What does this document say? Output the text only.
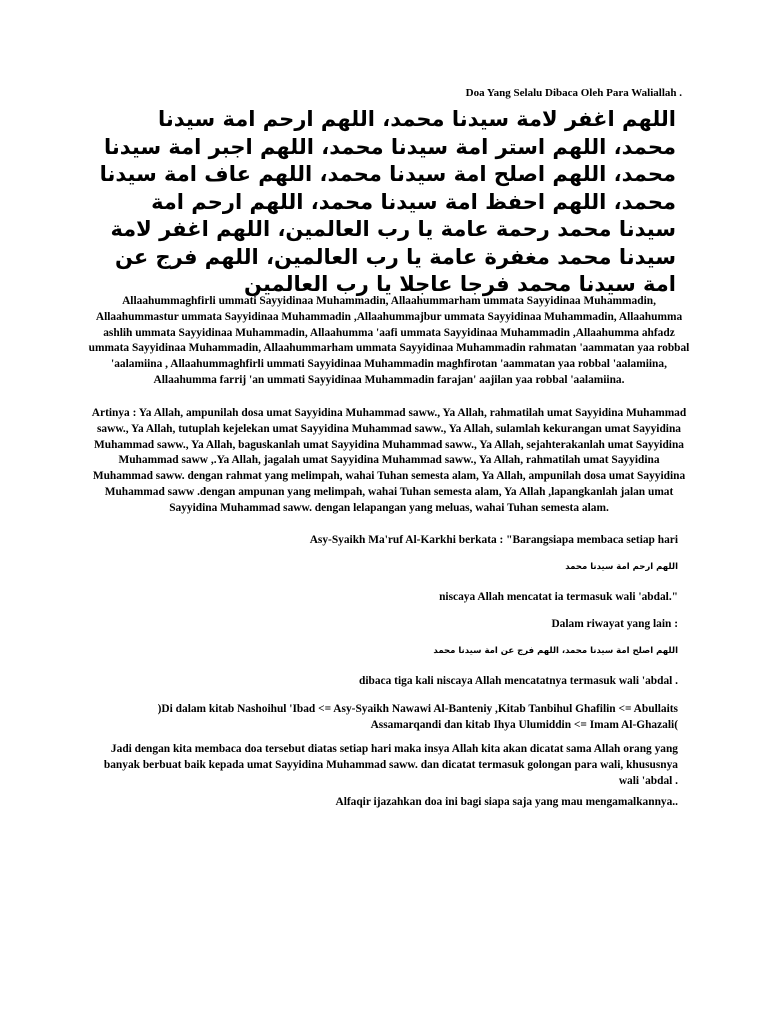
Doa Yang Selalu Dibaca Oleh Para Waliallah .
اللهم اغفر لامة سيدنا محمد، اللهم ارحم امة سيدنا محمد، اللهم استر امة سيدنا محمد، اللهم اجبر امة سيدنا محمد، اللهم اصلح امة سيدنا محمد، اللهم عاف امة سيدنا محمد، اللهم احفظ امة سيدنا محمد، اللهم ارحم امة سيدنا محمد رحمة عامة يا رب العالمين، اللهم اغفر لامة سيدنا محمد مغفرة عامة يا رب العالمين، اللهم فرج عن امة سيدنا محمد فرجا عاجلا يا رب العالمين
Allaahummaghfirli ummati Sayyidinaa Muhammadin, Allaahummarham ummata Sayyidinaa Muhammadin, Allaahummastur ummata Sayyidinaa Muhammadin ,Allaahummajbur ummata Sayyidinaa Muhammadin, Allaahumma ashlih ummata Sayyidinaa Muhammadin, Allaahumma 'aafi ummata Sayyidinaa Muhammadin ,Allaahumma ahfadz ummata Sayyidinaa Muhammadin, Allaahummarham ummata Sayyidinaa Muhammadin rahmatan 'aammatan yaa robbal 'aalamiina , Allaahummaghfirli ummati Sayyidinaa Muhammadin maghfirotan 'aammatan yaa robbal 'aalamiina, Allaahumma farrij 'an ummati Sayyidinaa Muhammadin farajan' aajilan yaa robbal 'aalamiina.
Artinya : Ya Allah, ampunilah dosa umat Sayyidina Muhammad saww., Ya Allah, rahmatilah umat Sayyidina Muhammad saww., Ya Allah, tutuplah kejelekan umat Sayyidina Muhammad saww., Ya Allah, sulamlah kekurangan umat Sayyidina Muhammad saww., Ya Allah, baguskanlah umat Sayyidina Muhammad saww., Ya Allah, sejahterakanlah umat Sayyidina Muhammad saww ,.Ya Allah, jagalah umat Sayyidina Muhammad saww., Ya Allah, rahmatilah umat Sayyidina Muhammad saww. dengan rahmat yang melimpah, wahai Tuhan semesta alam, Ya Allah, ampunilah dosa umat Sayyidina Muhammad saww .dengan ampunan yang melimpah, wahai Tuhan semesta alam, Ya Allah ,lapangkanlah jalan umat Sayyidina Muhammad saww. dengan lelapangan yang meluas, wahai Tuhan semesta alam.
Asy-Syaikh Ma'ruf Al-Karkhi berkata : "Barangsiapa membaca setiap hari
اللهم ارحم امة سيدنا محمد
niscaya Allah mencatat ia termasuk wali 'abdal."
Dalam riwayat yang lain :
اللهم اصلح امة سيدنا محمد، اللهم فرج عن امة سيدنا محمد
dibaca tiga kali niscaya Allah mencatatnya termasuk wali 'abdal .
)Di dalam kitab Nashoihul 'Ibad <= Asy-Syaikh Nawawi Al-Banteniy ,Kitab Tanbihul Ghafilin <= Abullaits Assamarqandi dan kitab Ihya Ulumiddin <= Imam Al-Ghazali(
Jadi dengan kita membaca doa tersebut diatas setiap hari maka insya Allah kita akan dicatat sama Allah orang yang banyak berbuat baik kepada umat Sayyidina Muhammad saww. dan dicatat termasuk golongan para wali, khususnya wali 'abdal .
Alfaqir ijazahkan doa ini bagi siapa saja yang mau mengamalkannya..
